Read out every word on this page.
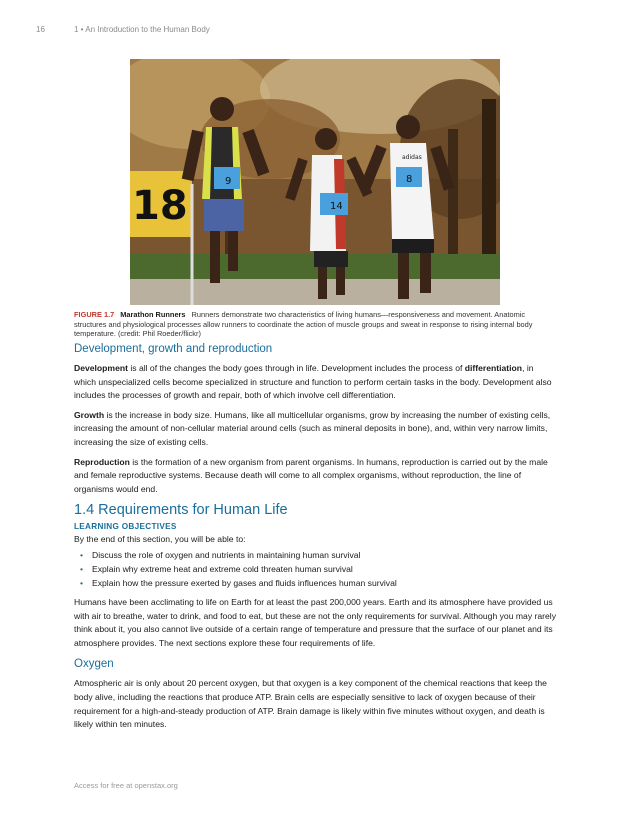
16	1 • An Introduction to the Human Body
18
9
14
8
adidas
FIGURE 1.7 Marathon Runners Runners demonstrate two characteristics of living humans—responsiveness and movement. Anatomic structures and physiological processes allow runners to coordinate the action of muscle groups and sweat in response to rising internal body temperature. (credit: Phil Roeder/flickr)
Development, growth and reproduction

Development is all of the changes the body goes through in life. Development includes the process of differentiation, in which unspecialized cells become specialized in structure and function to perform certain tasks in the body. Development also includes the processes of growth and repair, both of which involve cell differentiation.

Growth is the increase in body size. Humans, like all multicellular organisms, grow by increasing the number of existing cells, increasing the amount of non-cellular material around cells (such as mineral deposits in bone), and, within very narrow limits, increasing the size of existing cells.

Reproduction is the formation of a new organism from parent organisms. In humans, reproduction is carried out by the male and female reproductive systems. Because death will come to all complex organisms, without reproduction, the line of organisms would end.

1.4 Requirements for Human Life
LEARNING OBJECTIVES

By the end of this section, you will be able to:

• Discuss the role of oxygen and nutrients in maintaining human survival
• Explain why extreme heat and extreme cold threaten human survival
• Explain how the pressure exerted by gases and fluids influences human survival

Humans have been acclimating to life on Earth for at least the past 200,000 years. Earth and its atmosphere have provided us with air to breathe, water to drink, and food to eat, but these are not the only requirements for survival. Although you may rarely think about it, you also cannot live outside of a certain range of temperature and pressure that the surface of our planet and its atmosphere provides. The next sections explore these four requirements of life.

Oxygen

Atmospheric air is only about 20 percent oxygen, but that oxygen is a key component of the chemical reactions that keep the body alive, including the reactions that produce ATP. Brain cells are especially sensitive to lack of oxygen because of their requirement for a high-and-steady production of ATP. Brain damage is likely within five minutes without oxygen, and death is likely within ten minutes.

Access for free at openstax.org
